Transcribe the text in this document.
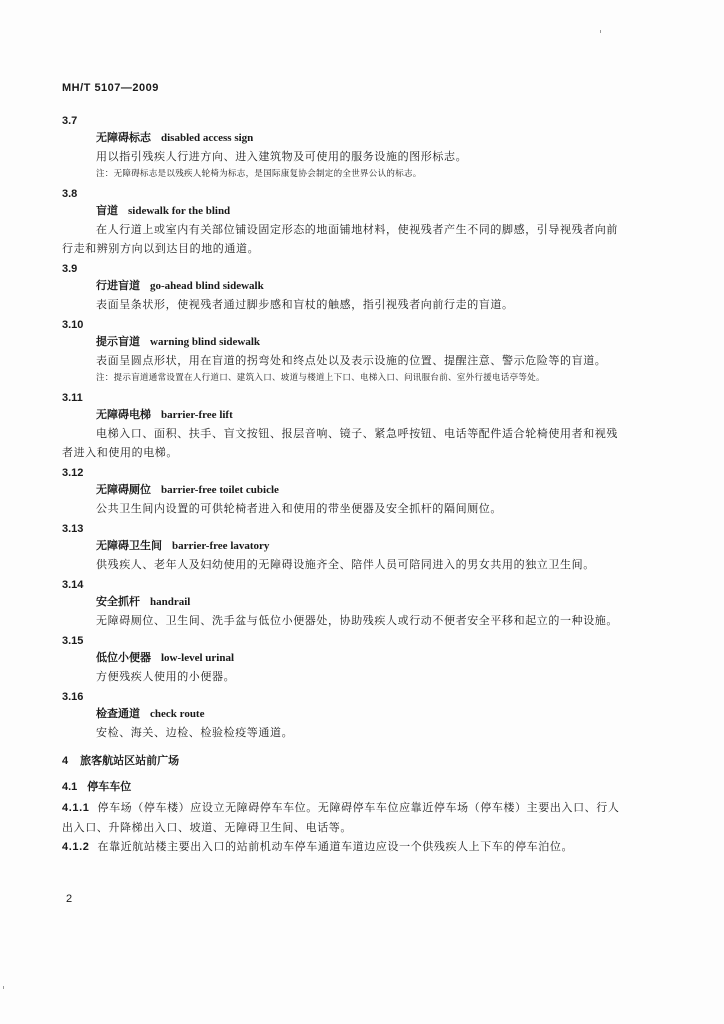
MH/T 5107—2009
3.7
无障碍标志 disabled access sign
用以指引残疾人行进方向、进入建筑物及可使用的服务设施的图形标志。
注：无障碍标志是以残疾人轮椅为标志，是国际康复协会制定的全世界公认的标志。
3.8
盲道 sidewalk for the blind
在人行道上或室内有关部位铺设固定形态的地面铺地材料，使视残者产生不同的脚感，引导视残者向前行走和辨别方向以到达目的地的通道。
3.9
行进盲道 go-ahead blind sidewalk
表面呈条状形，使视残者通过脚步感和盲杖的触感，指引视残者向前行走的盲道。
3.10
提示盲道 warning blind sidewalk
表面呈圆点形状，用在盲道的拐弯处和终点处以及表示设施的位置、提醒注意、警示危险等的盲道。
注：提示盲道通常设置在人行道口、建筑入口、坡道与楼道上下口、电梯入口、问讯服台前、室外行援电话亭等处。
3.11
无障碍电梯 barrier-free lift
电梯入口、面积、扶手、盲文按钮、报层音响、镜子、紧急呼按钮、电话等配件适合轮椅使用者和视残者进入和使用的电梯。
3.12
无障碍厕位 barrier-free toilet cubicle
公共卫生间内设置的可供轮椅者进入和使用的带坐便器及安全抓杆的隔间厕位。
3.13
无障碍卫生间 barrier-free lavatory
供残疾人、老年人及妇幼使用的无障碍设施齐全、陪伴人员可陪同进入的男女共用的独立卫生间。
3.14
安全抓杆 handrail
无障碍厕位、卫生间、洗手盆与低位小便器处，协助残疾人或行动不便者安全平移和起立的一种设施。
3.15
低位小便器 low-level urinal
方便残疾人使用的小便器。
3.16
检查通道 check route
安检、海关、边检、检验检疫等通道。
4 旅客航站区站前广场
4.1 停车车位
4.1.1 停车场（停车楼）应设立无障碍停车车位。无障碍停车车位应靠近停车场（停车楼）主要出入口、行人出入口、升降梯出入口、坡道、无障碍卫生间、电话等。
4.1.2 在靠近航站楼主要出入口的站前机动车停车通道车道边应设一个供残疾人上下车的停车泊位。
2
